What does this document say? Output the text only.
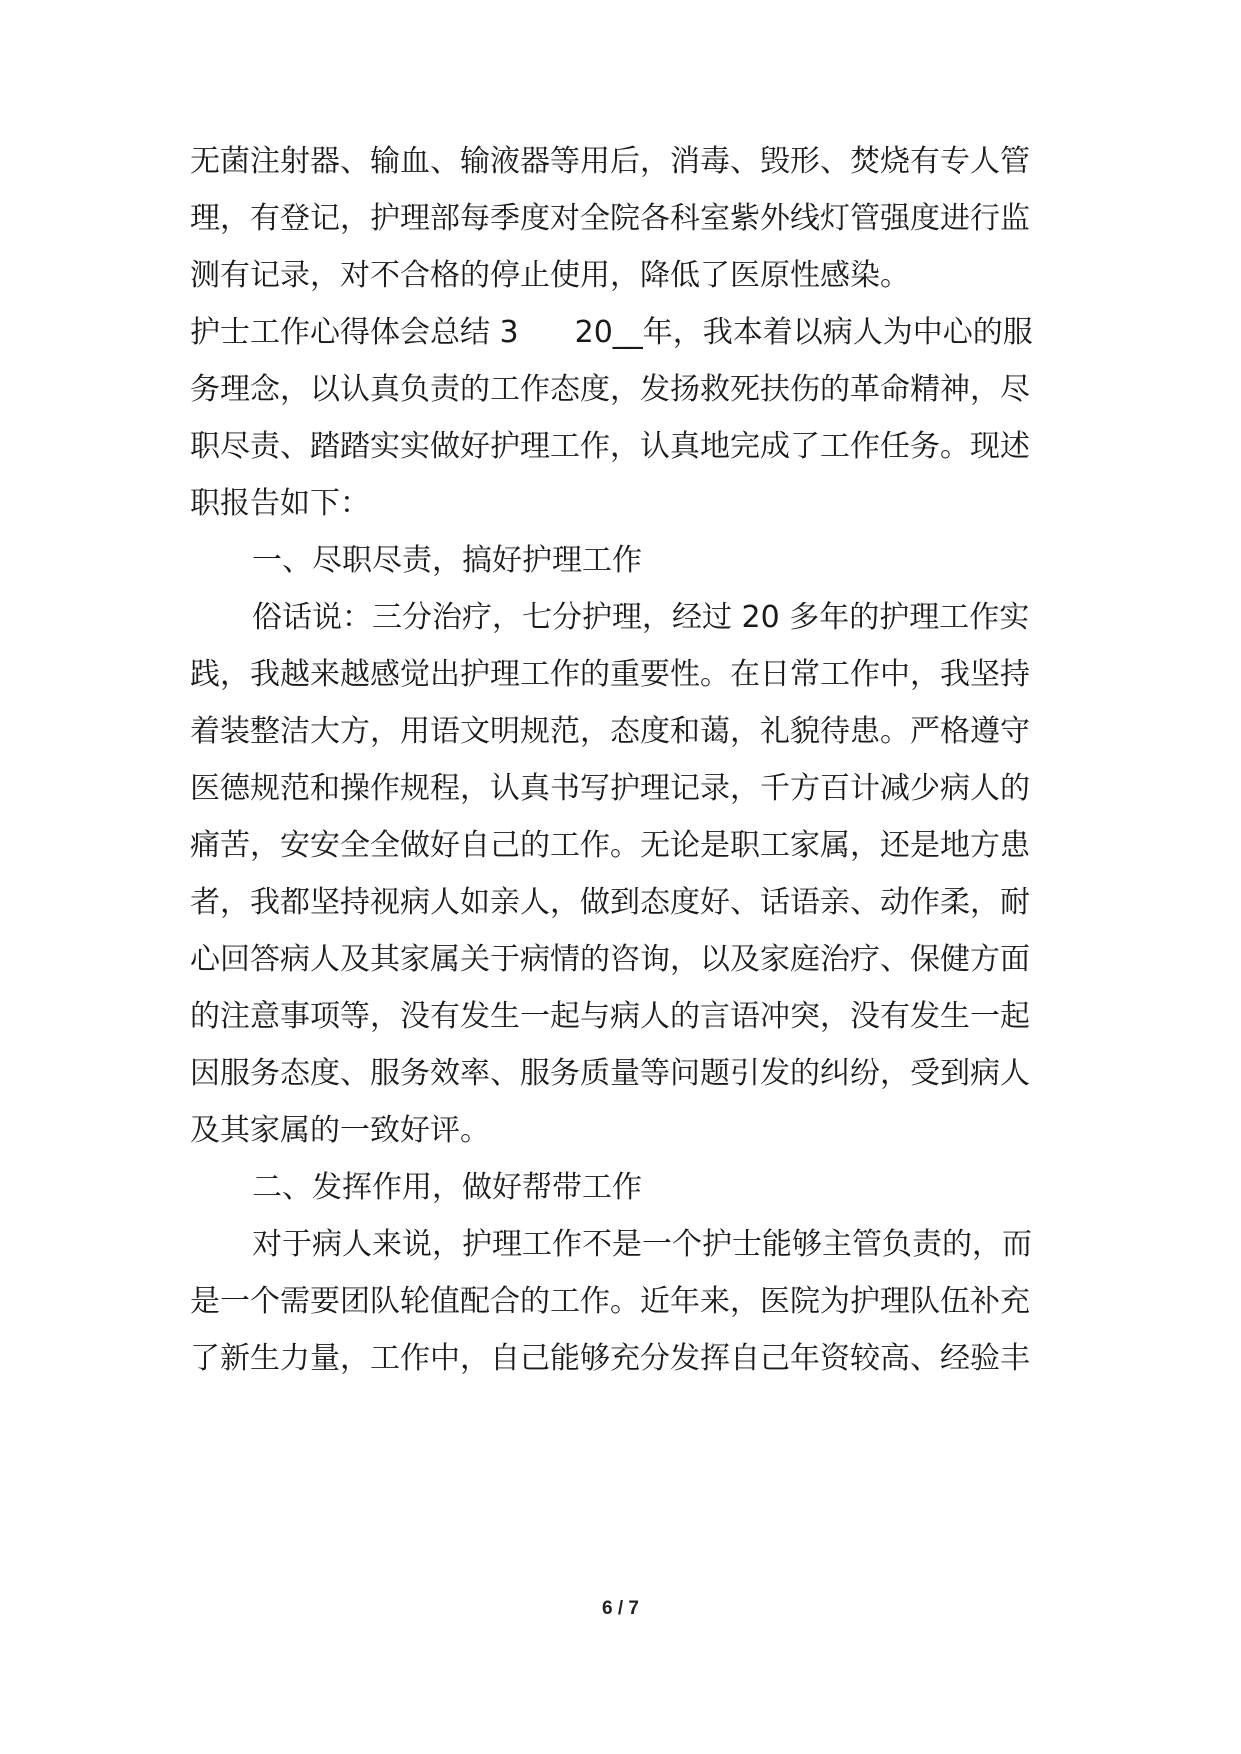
无菌注射器、输血、输液器等用后，消毒、毁形、焚烧有专人管
理，有登记，护理部每季度对全院各科室紫外线灯管强度进行监
测有记录，对不合格的停止使用，降低了医原性感染。
护士工作心得体会总结 3 20__年，我本着以病人为中心的服
务理念，以认真负责的工作态度，发扬救死扶伤的革命精神，尽
职尽责、踏踏实实做好护理工作，认真地完成了工作任务。现述
职报告如下：
一、尽职尽责，搞好护理工作
俗话说：三分治疗，七分护理，经过 20 多年的护理工作实
践，我越来越感觉出护理工作的重要性。在日常工作中，我坚持
着装整洁大方，用语文明规范，态度和蔼，礼貌待患。严格遵守
医德规范和操作规程，认真书写护理记录，千方百计减少病人的
痛苦，安安全全做好自己的工作。无论是职工家属，还是地方患
者，我都坚持视病人如亲人，做到态度好、话语亲、动作柔，耐
心回答病人及其家属关于病情的咨询，以及家庭治疗、保健方面
的注意事项等，没有发生一起与病人的言语冲突，没有发生一起
因服务态度、服务效率、服务质量等问题引发的纠纷，受到病人
及其家属的一致好评。
二、发挥作用，做好帮带工作
对于病人来说，护理工作不是一个护士能够主管负责的，而
是一个需要团队轮值配合的工作。近年来，医院为护理队伍补充
了新生力量，工作中，自己能够充分发挥自己年资较高、经验丰
6 / 7
